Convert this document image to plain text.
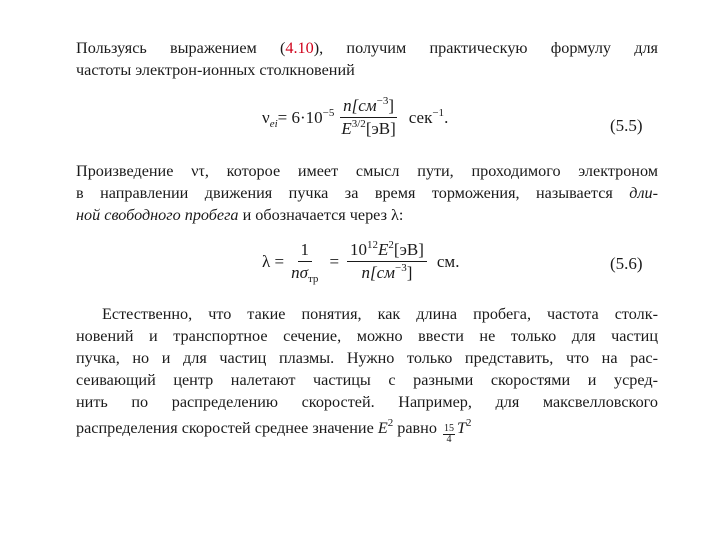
Пользуясь выражением (4.10), получим практическую формулу для
частоты электрон-ионных столкновений
$\nu_{ei} = 6\cdot 10^{-5} \frac{n[см^{-3}]}{E^{3/2}[эВ]} сек^{-1}$.	(5.5)
Произведение ντ, которое имеет смысл пути, проходимого электроном
в направлении движения пучка за время торможения, называется дли-
ной свободного пробега и обозначается через λ:
$\lambda = \frac{1}{n\sigma_{тр}} = \frac{10^{12}E^2[эВ]}{n[см^{-3}]}$ см.	(5.6)
Естественно, что такие понятия, как длина пробега, частота столк-
новений и транспортное сечение, можно ввести не только для частиц
пучка, но и для частиц плазмы. Нужно только представить, что на рас-
сеивающий центр налетают частицы с разными скоростями и усред-
нить по распределению скоростей. Например, для максвелловского
распределения скоростей среднее значение $E^2$ равно $\frac{15}{4} T^2$
